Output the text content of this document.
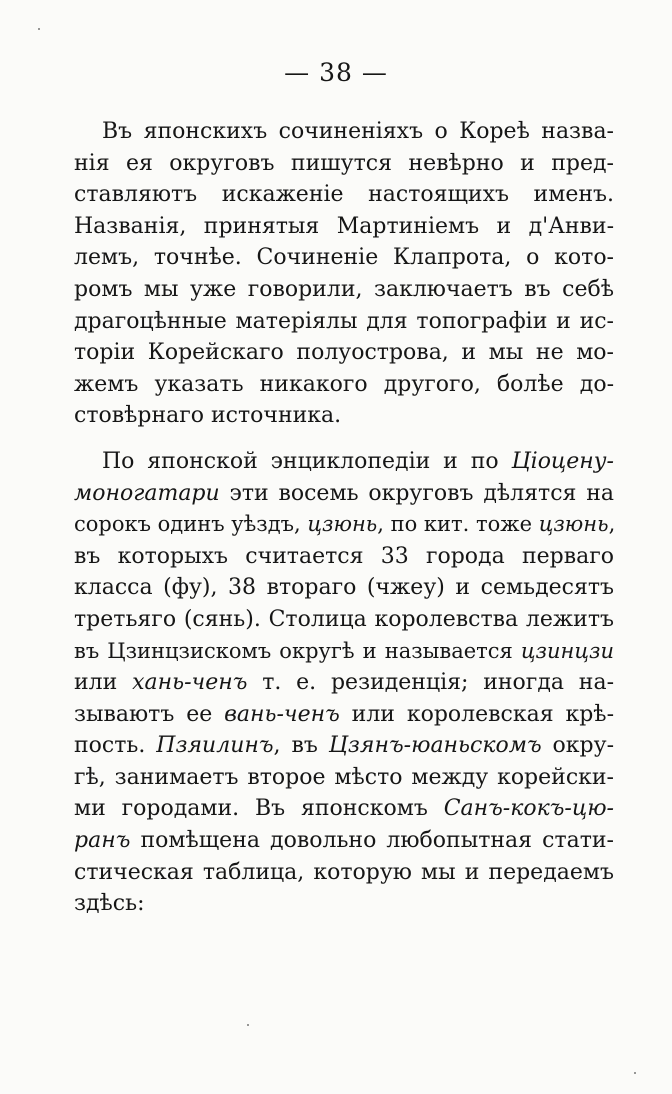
— 38 —
Въ японскихъ сочиненіяхъ о Кореѣ назва-
нія ея округовъ пишутся невѣрно и пред-
ставляютъ искаженіе настоящихъ именъ.
Названія, принятыя Мартиніемъ и д'Анви-
лемъ, точнѣе. Сочиненіе Клапрота, о кото-
ромъ мы уже говорили, заключаетъ въ себѣ
драгоцѣнные матеріялы для топографіи и ис-
торіи Корейскаго полуострова, и мы не мо-
жемъ указать никакого другого, болѣе до-
стовѣрнаго источника.
По японской энциклопедіи и по Ціоцену-
моногатари эти восемь округовъ дѣлятся на
сорокъ одинъ уѣздъ, цзюнь, по кит. тоже цзюнь,
въ которыхъ считается 33 города перваго
класса (фу), 38 втораго (чжеу) и семьдесятъ
третьяго (сянь). Столица королевства лежитъ
въ Цзинцзискомъ округѣ и называется цзинцзи
или хань-ченъ т. е. резиденція; иногда на-
зываютъ ее вань-ченъ или королевская крѣ-
пость. Пзяилинъ, въ Цзянъ-юаньскомъ окру-
гѣ, занимаетъ второе мѣсто между корейски-
ми городами. Въ японскомъ Санъ-кокъ-цю-
ранъ помѣщена довольно любопытная стати-
стическая таблица, которую мы и передаемъ
здѣсь:
